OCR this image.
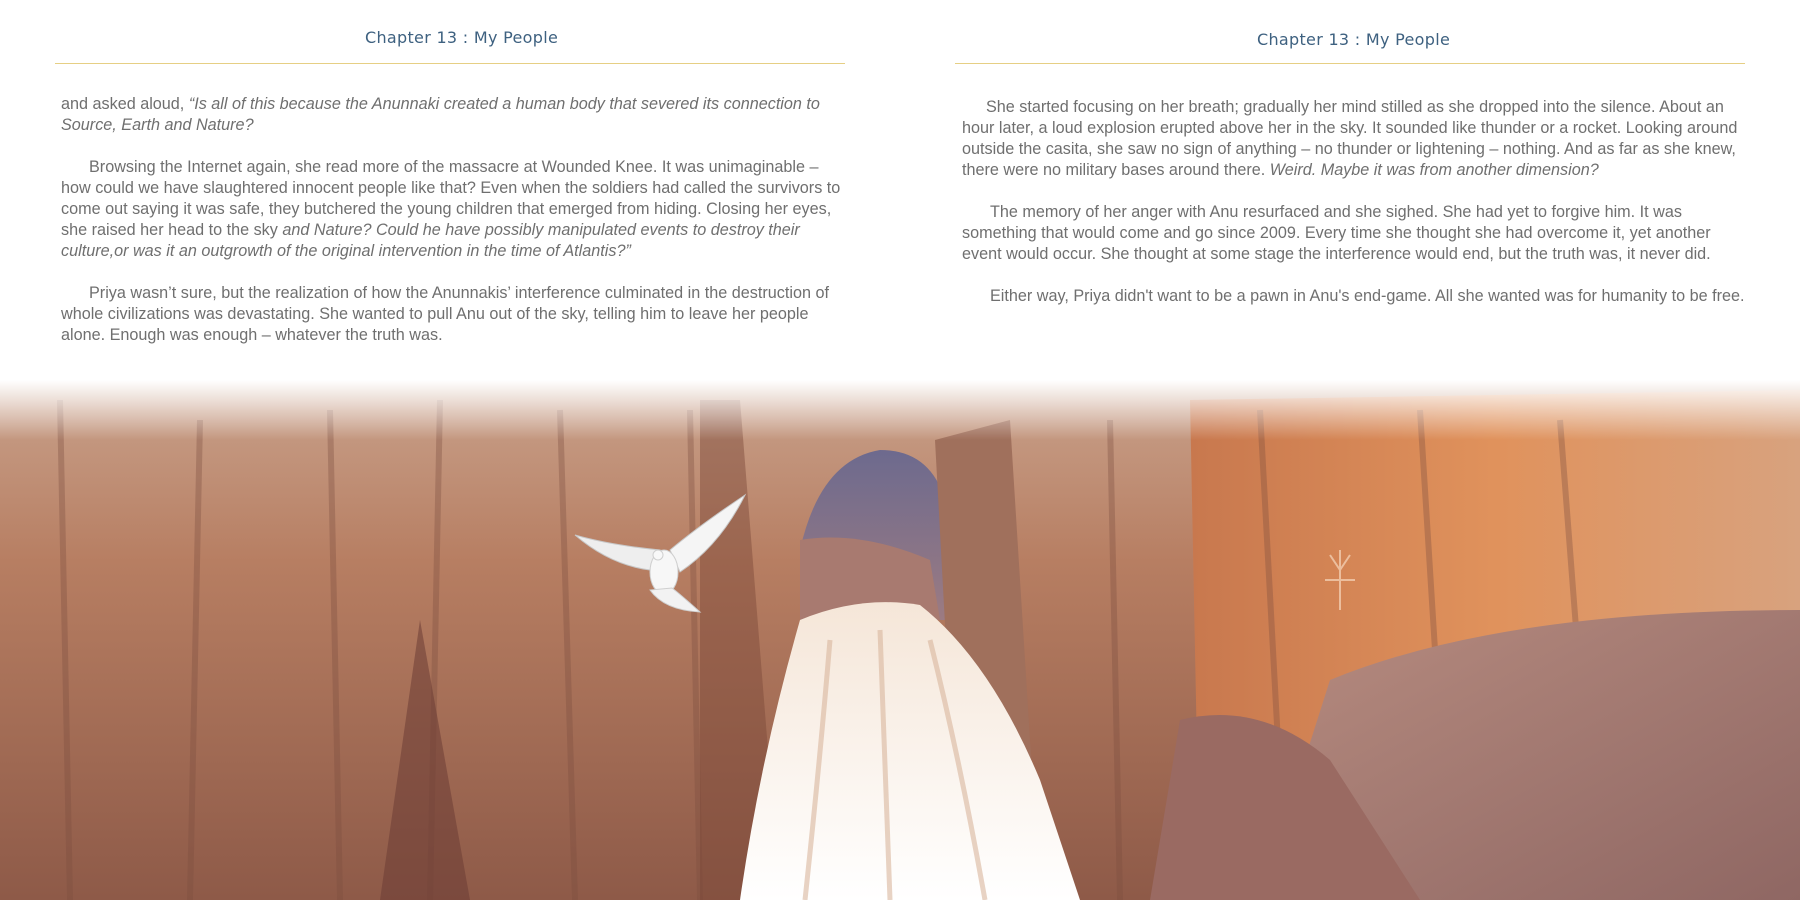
Chapter 13 : My People

and asked aloud, “Is all of this because the Anunnaki created a human body that severed its connection to Source, Earth and Nature?

Browsing the Internet again, she read more of the massacre at Wounded Knee. It was unimaginable – how could we have slaughtered innocent people like that? Even when the soldiers had called the survivors to come out saying it was safe, they butchered the young children that emerged from hiding. Closing her eyes, she raised her head to the sky and Nature? Could he have possibly manipulated events to destroy their culture,or was it an outgrowth of the original intervention in the time of Atlantis?”

Priya wasn’t sure, but the realization of how the Anunnakis’ interference culminated in the destruction of whole civilizations was devastating. She wanted to pull Anu out of the sky, telling him to leave her people alone. Enough was enough – whatever the truth was.

Chapter 13 : My People

She started focusing on her breath; gradually her mind stilled as she dropped into the silence. About an hour later, a loud explosion erupted above her in the sky. It sounded like thunder or a rocket. Looking around outside the casita, she saw no sign of anything – no thunder or lightening – nothing. And as far as she knew, there were no military bases around there. Weird. Maybe it was from another dimension?

The memory of her anger with Anu resurfaced and she sighed. She had yet to forgive him. It was something that would come and go since 2009. Every time she thought she had overcome it, yet another event would occur. She thought at some stage the interference would end, but the truth was, it never did.

Either way, Priya didn't want to be a pawn in Anu's end-game. All she wanted was for humanity to be free.
